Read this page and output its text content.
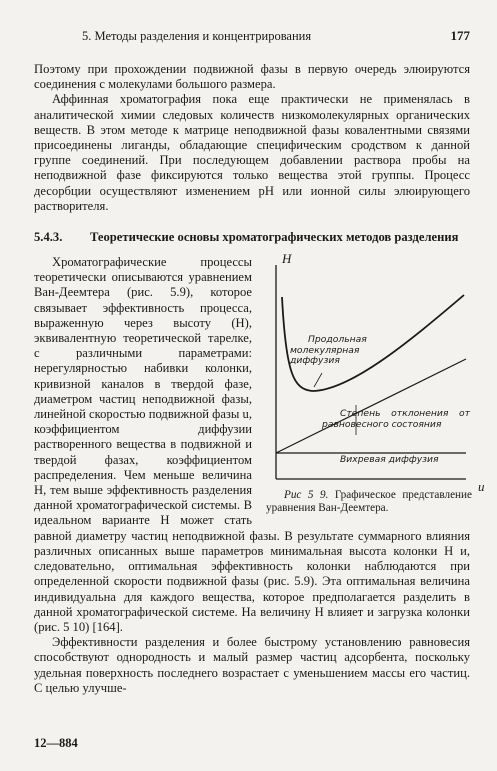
5. Методы разделения и концентрирования	177

Поэтому при прохождении подвижной фазы в первую очередь элюируются соединения с молекулами большого размера.

Аффинная хроматография пока еще практически не применялась в аналитической химии следовых количеств низкомолекулярных органических веществ. В этом методе к матрице неподвижной фазы ковалентными связями присоединены лиганды, обладающие специфическим сродством к данной группе соединений. При последующем добавлении раствора пробы на неподвижной фазе фиксируются только вещества этой группы. Процесс десорбции осуществляют изменением pH или ионной силы элюирующего растворителя.

5.4.3.	Теоретические основы хроматографических методов разделения

H
u
Продольная молекулярная диффузия
Степень отклонения от равновесного состояния
Вихревая диффузия
Рис 5 9. Графическое представление уравнения Ван-Деемтера.
Хроматографические процессы теоретически описываются уравнением Ван-Деемтера (рис. 5.9), которое связывает эффективность процесса, выраженную через высоту (H), эквивалентную теоретической тарелке, с различными параметрами: нерегулярностью набивки колонки, кривизной каналов в твердой фазе, диаметром частиц неподвижной фазы, линейной скоростью подвижной фазы u, коэффициентом диффузии растворенного вещества в подвижной и твердой фазах, коэффициентом распределения. Чем меньше величина H, тем выше эффективность разделения данной хроматографической системы. В идеальном варианте H может стать равной диаметру частиц неподвижной фазы. В результате суммарного влияния различных описанных выше параметров минимальная высота колонки H и, следовательно, оптимальная эффективность колонки наблюдаются при определенной скорости подвижной фазы (рис. 5.9). Эта оптимальная величина индивидуальна для каждого вещества, которое предполагается разделить в данной хроматографической системе. На величину H влияет и загрузка колонки (рис. 5 10) [164].

Эффективности разделения и более быстрому установлению равновесия способствуют однородность и малый размер частиц адсорбента, поскольку удельная поверхность последнего возрастает с уменьшением массы его частиц. С целью улучше-

12—884
